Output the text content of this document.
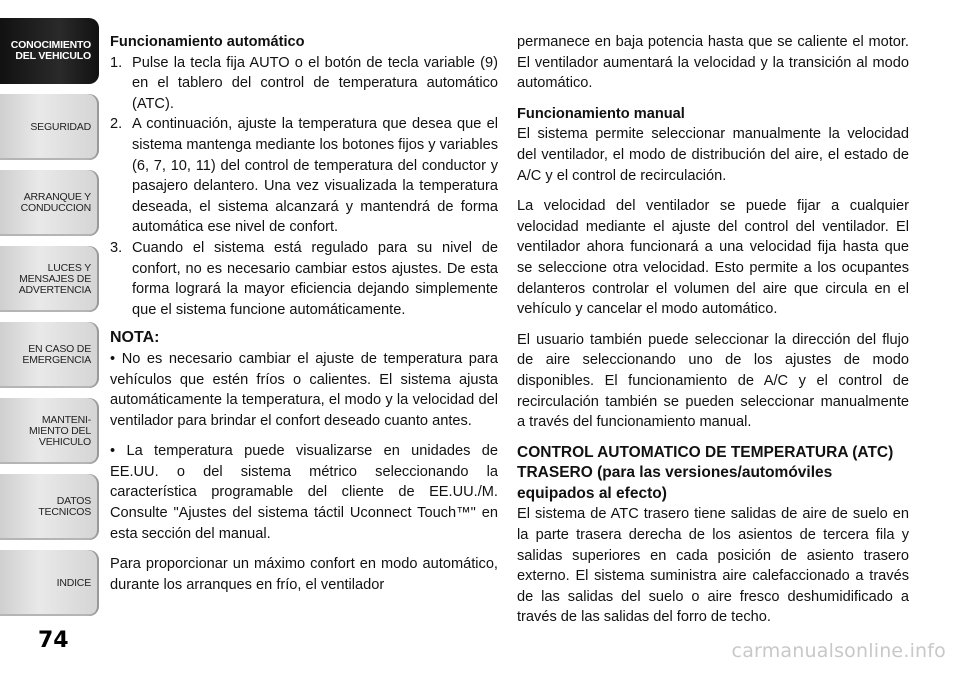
CONOCIMIENTO
DEL VEHICULO
SEGURIDAD
ARRANQUE Y
CONDUCCION
LUCES Y
MENSAJES DE
ADVERTENCIA
EN CASO DE
EMERGENCIA
MANTENI-
MIENTO DEL
VEHICULO
DATOS
TECNICOS
INDICE
74
Funcionamiento automático
1. Pulse la tecla fija AUTO o el botón de tecla variable (9) en el tablero del control de temperatura automático (ATC).
2. A continuación, ajuste la temperatura que desea que el sistema mantenga mediante los botones fijos y variables (6, 7, 10, 11) del control de temperatura del conductor y pasajero delantero. Una vez visualizada la temperatura deseada, el sistema alcanzará y mantendrá de forma automática ese nivel de confort.
3. Cuando el sistema está regulado para su nivel de confort, no es necesario cambiar estos ajustes. De esta forma logrará la mayor eficiencia dejando simplemente que el sistema funcione automáticamente.
NOTA:

• No es necesario cambiar el ajuste de temperatura para vehículos que estén fríos o calientes. El sistema ajusta automáticamente la temperatura, el modo y la velocidad del ventilador para brindar el confort deseado cuanto antes.

• La temperatura puede visualizarse en unidades de EE.UU. o del sistema métrico seleccionando la característica programable del cliente de EE.UU./M. Consulte "Ajustes del sistema táctil Uconnect Touch™" en esta sección del manual.

Para proporcionar un máximo confort en modo automático, durante los arranques en frío, el ventilador

permanece en baja potencia hasta que se caliente el motor. El ventilador aumentará la velocidad y la transición al modo automático.

Funcionamiento manual

El sistema permite seleccionar manualmente la velocidad del ventilador, el modo de distribución del aire, el estado de A/C y el control de recirculación.

La velocidad del ventilador se puede fijar a cualquier velocidad mediante el ajuste del control del ventilador. El ventilador ahora funcionará a una velocidad fija hasta que se seleccione otra velocidad. Esto permite a los ocupantes delanteros controlar el volumen del aire que circula en el vehículo y cancelar el modo automático.

El usuario también puede seleccionar la dirección del flujo de aire seleccionando uno de los ajustes de modo disponibles. El funcionamiento de A/C y el control de recirculación también se pueden seleccionar manualmente a través del funcionamiento manual.

CONTROL AUTOMATICO DE TEMPERATURA (ATC) TRASERO (para las versiones/automóviles equipados al efecto)

El sistema de ATC trasero tiene salidas de aire de suelo en la parte trasera derecha de los asientos de tercera fila y salidas superiores en cada posición de asiento trasero externo. El sistema suministra aire calefaccionado a través de las salidas del suelo o aire fresco deshumidificado a través de las salidas del forro de techo.

carmanualsonline.info
